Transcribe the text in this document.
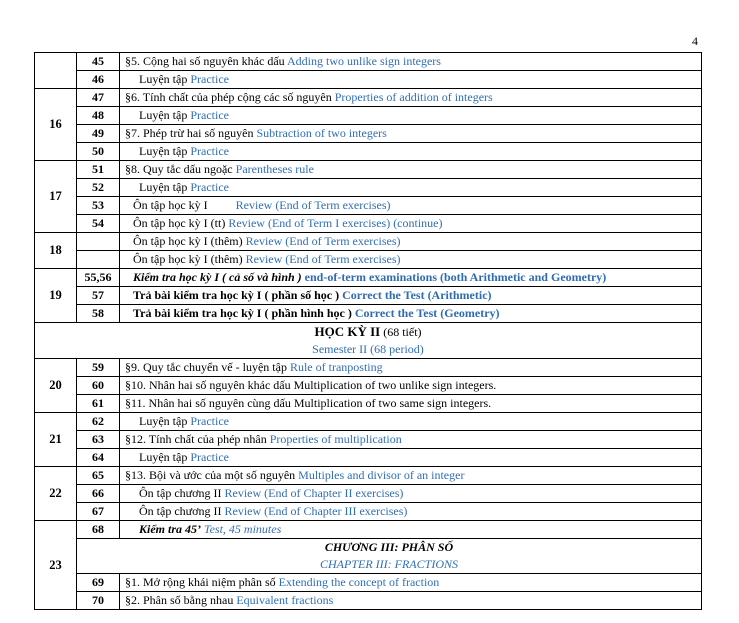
4
	45	§5. Cộng hai số nguyên khác dấu Adding two unlike sign integers
	46	Luyện tập Practice
16	47	§6. Tính chất của phép cộng các số nguyên Properties of addition of integers
	48	Luyện tập Practice
	49	§7. Phép trừ hai số nguyên Subtraction of two integers
	50	Luyện tập Practice
17	51	§8. Quy tắc dấu ngoặc Parentheses rule
	52	Luyện tập Practice
	53	Ôn tập học kỳ I Review (End of Term exercises)
	54	Ôn tập học kỳ I (tt) Review (End of Term I exercises) (continue)
18		Ôn tập học kỳ I (thêm) Review (End of Term exercises)
		Ôn tập học kỳ I (thêm) Review (End of Term exercises)
19	55,56	Kiểm tra học kỳ I ( cả số và hình ) end-of-term examinations (both Arithmetic and Geometry)
	57	Trả bài kiểm tra học kỳ I ( phần số học ) Correct the Test (Arithmetic)
	58	Trả bài kiểm tra học kỳ I ( phần hình học ) Correct the Test (Geometry)

HỌC KỲ II (68 tiết)
Semester II (68 period)		

20	59	§9. Quy tắc chuyển vế - luyện tập Rule of tranposting
	60	§10. Nhân hai số nguyên khác dấu Multiplication of two unlike sign integers.
	61	§11. Nhân hai số nguyên cùng dấu Multiplication of two same sign integers.
21	62	Luyện tập Practice
	63	§12. Tính chất của phép nhân Properties of multiplication
	64	Luyện tập Practice
22	65	§13. Bội và ước của một số nguyên Multiples and divisor of an integer
	66	Ôn tập chương II Review (End of Chapter II exercises)
	67	Ôn tập chương II Review (End of Chapter III exercises)
23	68	Kiểm tra 45’ Test, 45 minutes

	CHƯƠNG III: PHÂN SỐ
CHAPTER III: FRACTIONS	

	69	§1. Mở rộng khái niệm phân số Extending the concept of fraction
	70	§2. Phân số bằng nhau Equivalent fractions
